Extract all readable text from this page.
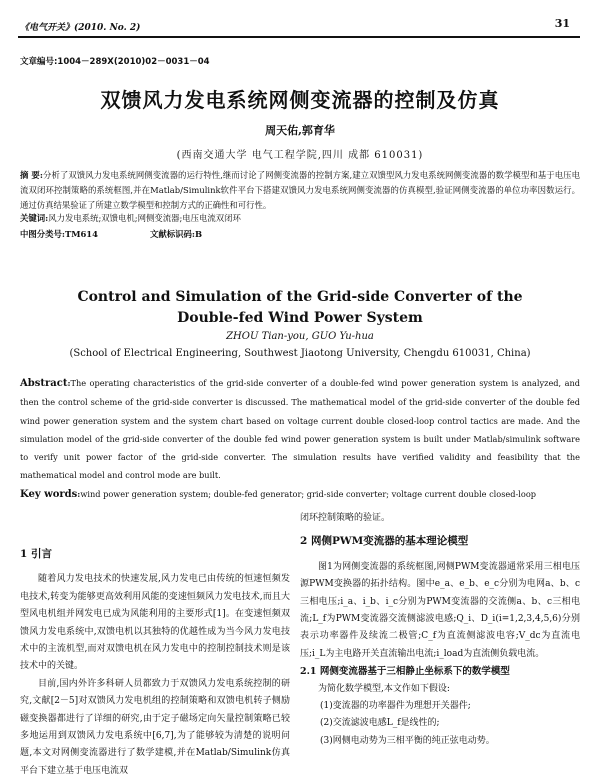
《电气开关》(2010. No. 2)	31
文章编号:1004－289X(2010)02－0031－04
双馈风力发电系统网侧变流器的控制及仿真
周天佑,郭育华
(西南交通大学 电气工程学院,四川 成都 610031)

摘 要:分析了双馈风力发电系统网侧变流器的运行特性,继而讨论了网侧变流器的控制方案,建立双馈型风力发电系统网侧变流器的数学模型和基于电压电流双闭环控制策略的系统框图,并在Matlab/Simulink软件平台下搭建双馈风力发电系统网侧变流器的仿真模型,验证网侧变流器的单位功率因数运行。通过仿真结果验证了所建立数学模型和控制方式的正确性和可行性。

关键词:风力发电系统;双馈电机;网侧变流器;电压电流双闭环
中图分类号:TM614	文献标识码:B
Control and Simulation of the Grid-side Converter of the
Double-fed Wind Power System
ZHOU Tian-you, GUO Yu-hua
(School of Electrical Engineering, Southwest Jiaotong University, Chengdu 610031, China)

Abstract:The operating characteristics of the grid-side converter of a double-fed wind power generation system is analyzed, and then the control scheme of the grid-side converter is discussed. The mathematical model of the grid-side converter of the double fed wind power generation system and the system chart based on voltage current double closed-loop control tactics are made. And the simulation model of the grid-side converter of the double fed wind power generation system is built under Matlab/simulink software to verify unit power factor of the grid-side converter. The simulation results have verified validity and feasibility that the mathematical model and control mode are built.

Key words:wind power generation system; double-fed generator; grid-side converter; voltage current double closed-loop

1 引言

随着风力发电技术的快速发展,风力发电已由传统的恒速恒频发电技术,转变为能够更高效利用风能的变速恒频风力发电技术,而且大型风电机组并网发电已成为风能利用的主要形式[1]。在变速恒频双馈风力发电系统中,双馈电机以其独特的优越性成为当今风力发电技术中的主流机型,而对双馈电机在风力发电中的控制控制技术则是该技术中的关键。

目前,国内外许多科研人员都致力于双馈风力发电系统控制的研究,文献[2－5]对双馈风力发电机组的控制策略和双馈电机转子侧励磁变换器都进行了详细的研究,由于定子磁场定向矢量控制策略已较多地运用到双馈风力发电系统中[6,7],为了能够较为清楚的说明问题,本文对网侧变流器进行了数学建模,并在Matlab/Simulink仿真平台下建立基于电压电流双

闭环控制策略的验证。

2 网侧PWM变流器的基本理论模型

图1为网侧变流器的系统框图,网侧PWM变流器通常采用三相电压源PWM变换器的拓扑结构。图中e_a、e_b、e_c分别为电网a、b、c三相电压;i_a、i_b、i_c分别为PWM变流器的交流侧a、b、c三相电流;L_f为PWM变流器交流侧滤波电感;Q_i、D_i(i=1,2,3,4,5,6)分别表示功率器件及续流二极管;C_f为直流侧滤波电容;V_dc为直流电压;i_L为主电路开关直流输出电流;i_load为直流侧负载电流。

2.1 网侧变流器基于三相静止坐标系下的数学模型

为简化数学模型,本文作如下假设:

(1)变流器的功率器件为理想开关器件;
(2)交流滤波电感L_f是线性的;
(3)网侧电动势为三相平衡的纯正弦电动势。
